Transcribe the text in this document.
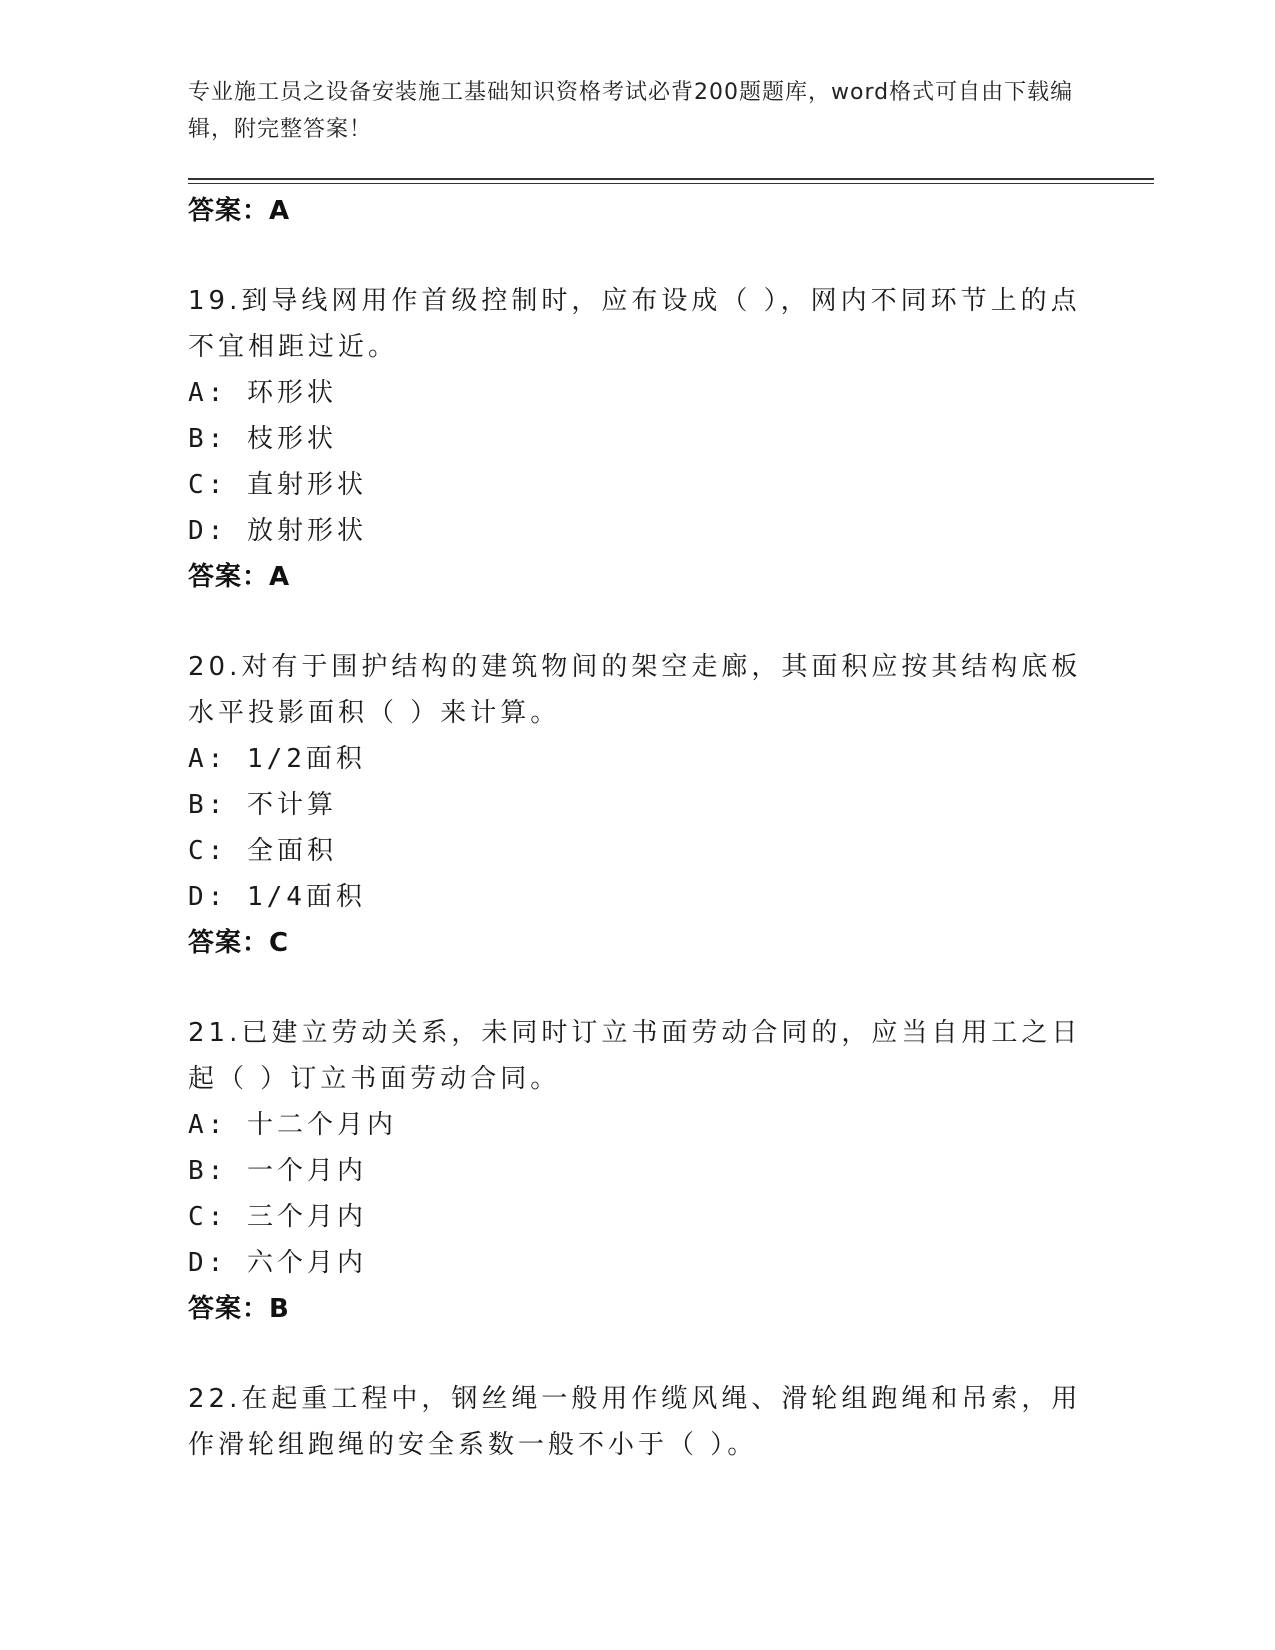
专业施工员之设备安装施工基础知识资格考试必背200题题库，word格式可自由下载编辑，附完整答案！
答案：A
19.到导线网用作首级控制时，应布设成（ ），网内不同环节上的点不宜相距过近。
A: 环形状
B: 枝形状
C: 直射形状
D: 放射形状
答案：A
20.对有于围护结构的建筑物间的架空走廊，其面积应按其结构底板水平投影面积（ ）来计算。
A: 1/2面积
B: 不计算
C: 全面积
D: 1/4面积
答案：C
21.已建立劳动关系，未同时订立书面劳动合同的，应当自用工之日起（ ）订立书面劳动合同。
A: 十二个月内
B: 一个月内
C: 三个月内
D: 六个月内
答案：B
22.在起重工程中，钢丝绳一般用作缆风绳、滑轮组跑绳和吊索，用作滑轮组跑绳的安全系数一般不小于（ ）。
